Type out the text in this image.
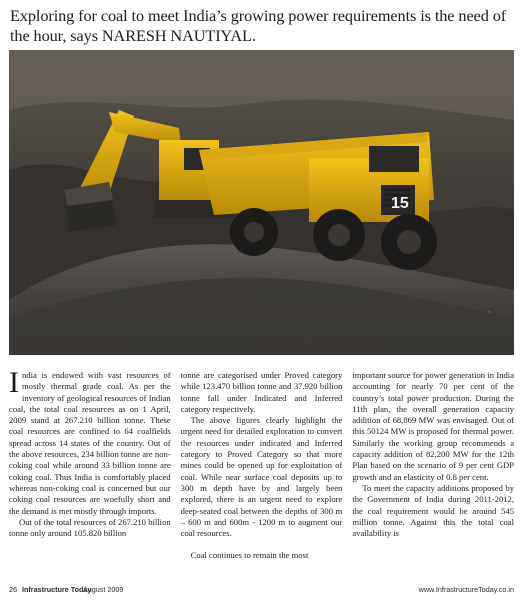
Exploring for coal to meet India’s growing power requirements is the need of the hour, says NARESH NAUTIYAL.
15

India is endowed with vast resources of mostly thermal grade coal. As per the inventory of geological resources of Indian coal, the total coal resources as on 1 April, 2009 stand at 267.210 billion tonne. These coal resources are confined to 64 coalfields spread across 14 states of the country. Out of the above resources, 234 billion tonne are non-coking coal while around 33 billion tonne are coking coal. Thus India is comfortably placed whereas non-coking coal is concerned but our coking coal resources are woefully short and the demand is met mostly through imports.

Out of the total resources of 267.210 billion tonne only around 105.820 billion

tonne are categorised under Proved category while 123.470 billion tonne and 37.920 billion tonne fall under Indicated and Inferred category respectively.

The above figures clearly highlight the urgent need for detailed exploration to convert the resources under indicated and Inferred category to Proved Category so that more mines could be opened up for exploitation of coal. While near surface coal deposits up to 300 m depth have by and largely been explored, there is an urgent need to explore deep-seated coal between the depths of 300 m – 600 m and 600m - 1200 m to augment our coal resources.

Coal continues to remain the most

important source for power generation in India accounting for nearly 70 per cent of the country’s total power production. During the 11th plan, the overall generation capacity addition of 68,869 MW was envisaged. Out of this 50124 MW is proposed for thermal power. Similarly the working group recommends a capacity addition of 82,200 MW for the 12th Plan based on the scenario of 9 per cent GDP growth and an elasticity of 0.8 per cent.

To meet the capacity additions proposed by the Government of India during 2011-2012, the coal requirement would be around 545 million tonne. Against this the total coal availability is

26 Infrastructure Today
August 2009	www.InfrastructureToday.co.in
